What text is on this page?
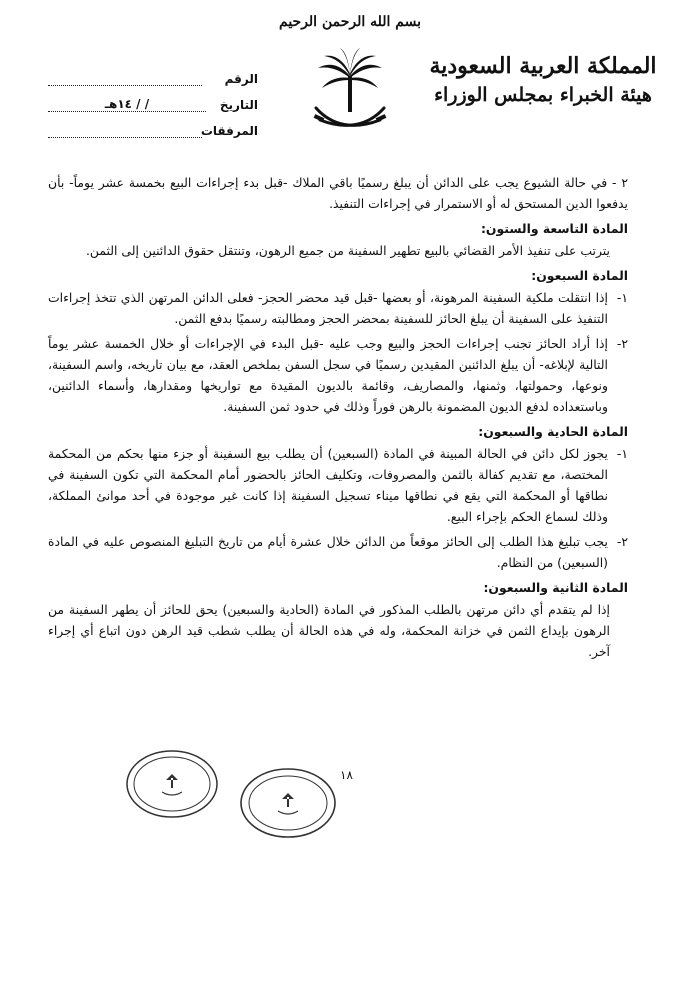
بسم الله الرحمن الرحيم
المملكة العربية السعودية
هيئة الخبراء بمجلس الوزراء
الرقم
التاريخ
/ / ١٤هـ
المرفقات

٢ - في حالة الشيوع يجب على الدائن أن يبلغ رسميًا باقي الملاك -قبل بدء إجراءات البيع بخمسة عشر يوماً- بأن يدفعوا الدين المستحق له أو الاستمرار في إجراءات التنفيذ.

المادة التاسعة والستون:

يترتب على تنفيذ الأمر القضائي بالبيع تطهير السفينة من جميع الرهون، وتنتقل حقوق الدائنين إلى الثمن.

المادة السبعون:
١-
إذا انتقلت ملكية السفينة المرهونة، أو بعضها -قبل قيد محضر الحجز- فعلى الدائن المرتهن الذي تتخذ إجراءات التنفيذ على السفينة أن يبلغ الحائز للسفينة بمحضر الحجز ومطالبته رسميًا بدفع الثمن.
٢-
إذا أراد الحائز تجنب إجراءات الحجز والبيع وجب عليه -قبل البدء في الإجراءات أو خلال الخمسة عشر يوماً التالية لإبلاغه- أن يبلغ الدائنين المقيدين رسميًا في سجل السفن بملخص العقد، مع بيان تاريخه، واسم السفينة، ونوعها، وحمولتها، وثمنها، والمصاريف، وقائمة بالديون المقيدة مع تواريخها ومقدارها، وأسماء الدائنين، وباستعداده لدفع الديون المضمونة بالرهن فوراً وذلك في حدود ثمن السفينة.
المادة الحادية والسبعون:
١-
يجوز لكل دائن في الحالة المبينة في المادة (السبعين) أن يطلب بيع السفينة أو جزء منها بحكم من المحكمة المختصة، مع تقديم كفالة بالثمن والمصروفات، وتكليف الحائز بالحضور أمام المحكمة التي تكون السفينة في نطاقها أو المحكمة التي يقع في نطاقها ميناء تسجيل السفينة إذا كانت غير موجودة في أحد موانئ المملكة، وذلك لسماع الحكم بإجراء البيع.
٢-
يجب تبليغ هذا الطلب إلى الحائز موقعاً من الدائن خلال عشرة أيام من تاريخ التبليغ المنصوص عليه في المادة (السبعين) من النظام.
المادة الثانية والسبعون:

إذا لم يتقدم أي دائن مرتهن بالطلب المذكور في المادة (الحادية والسبعين) يحق للحائز أن يطهر السفينة من الرهون بإيداع الثمن في خزانة المحكمة، وله في هذه الحالة أن يطلب شطب قيد الرهن دون اتباع أي إجراء آخر.

١٨
